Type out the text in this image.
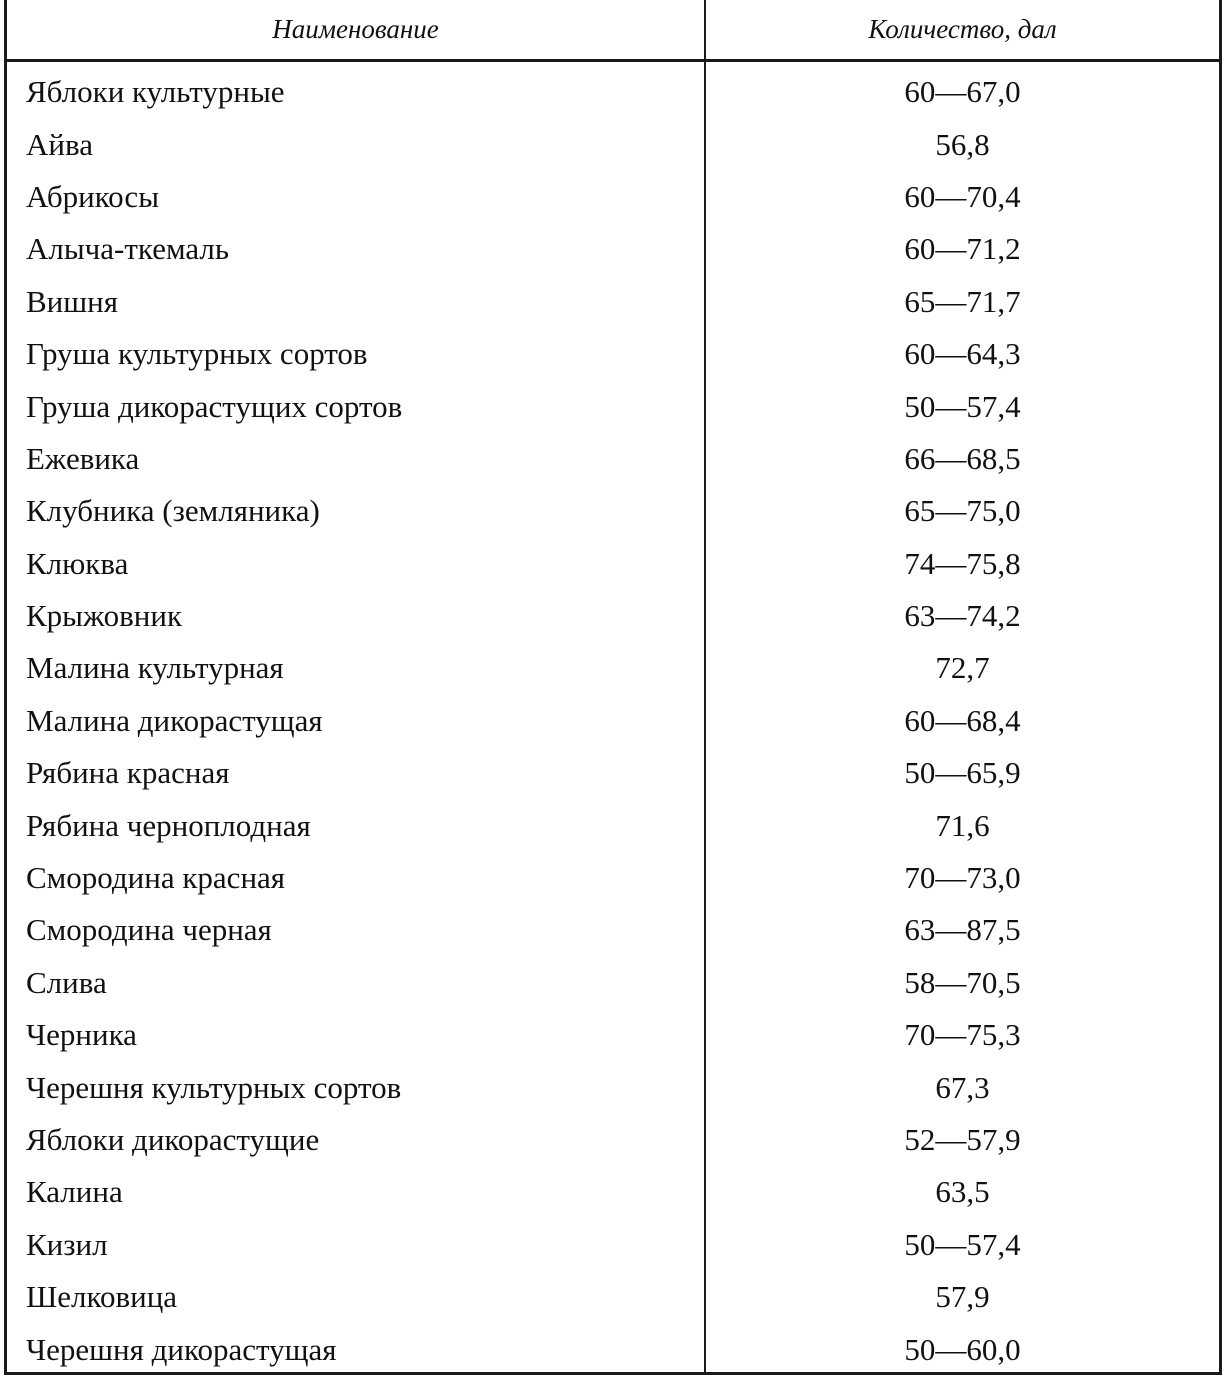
Наименование	Количество, дал
Яблоки культурные	60—67,0
Айва	56,8
Абрикосы	60—70,4
Алыча-ткемаль	60—71,2
Вишня	65—71,7
Груша культурных сортов	60—64,3
Груша дикорастущих сортов	50—57,4
Ежевика	66—68,5
Клубника (земляника)	65—75,0
Клюква	74—75,8
Крыжовник	63—74,2
Малина культурная	72,7
Малина дикорастущая	60—68,4
Рябина красная	50—65,9
Рябина черноплодная	71,6
Смородина красная	70—73,0
Смородина черная	63—87,5
Слива	58—70,5
Черника	70—75,3
Черешня культурных сортов	67,3
Яблоки дикорастущие	52—57,9
Калина	63,5
Кизил	50—57,4
Шелковица	57,9
Черешня дикорастущая	50—60,0
